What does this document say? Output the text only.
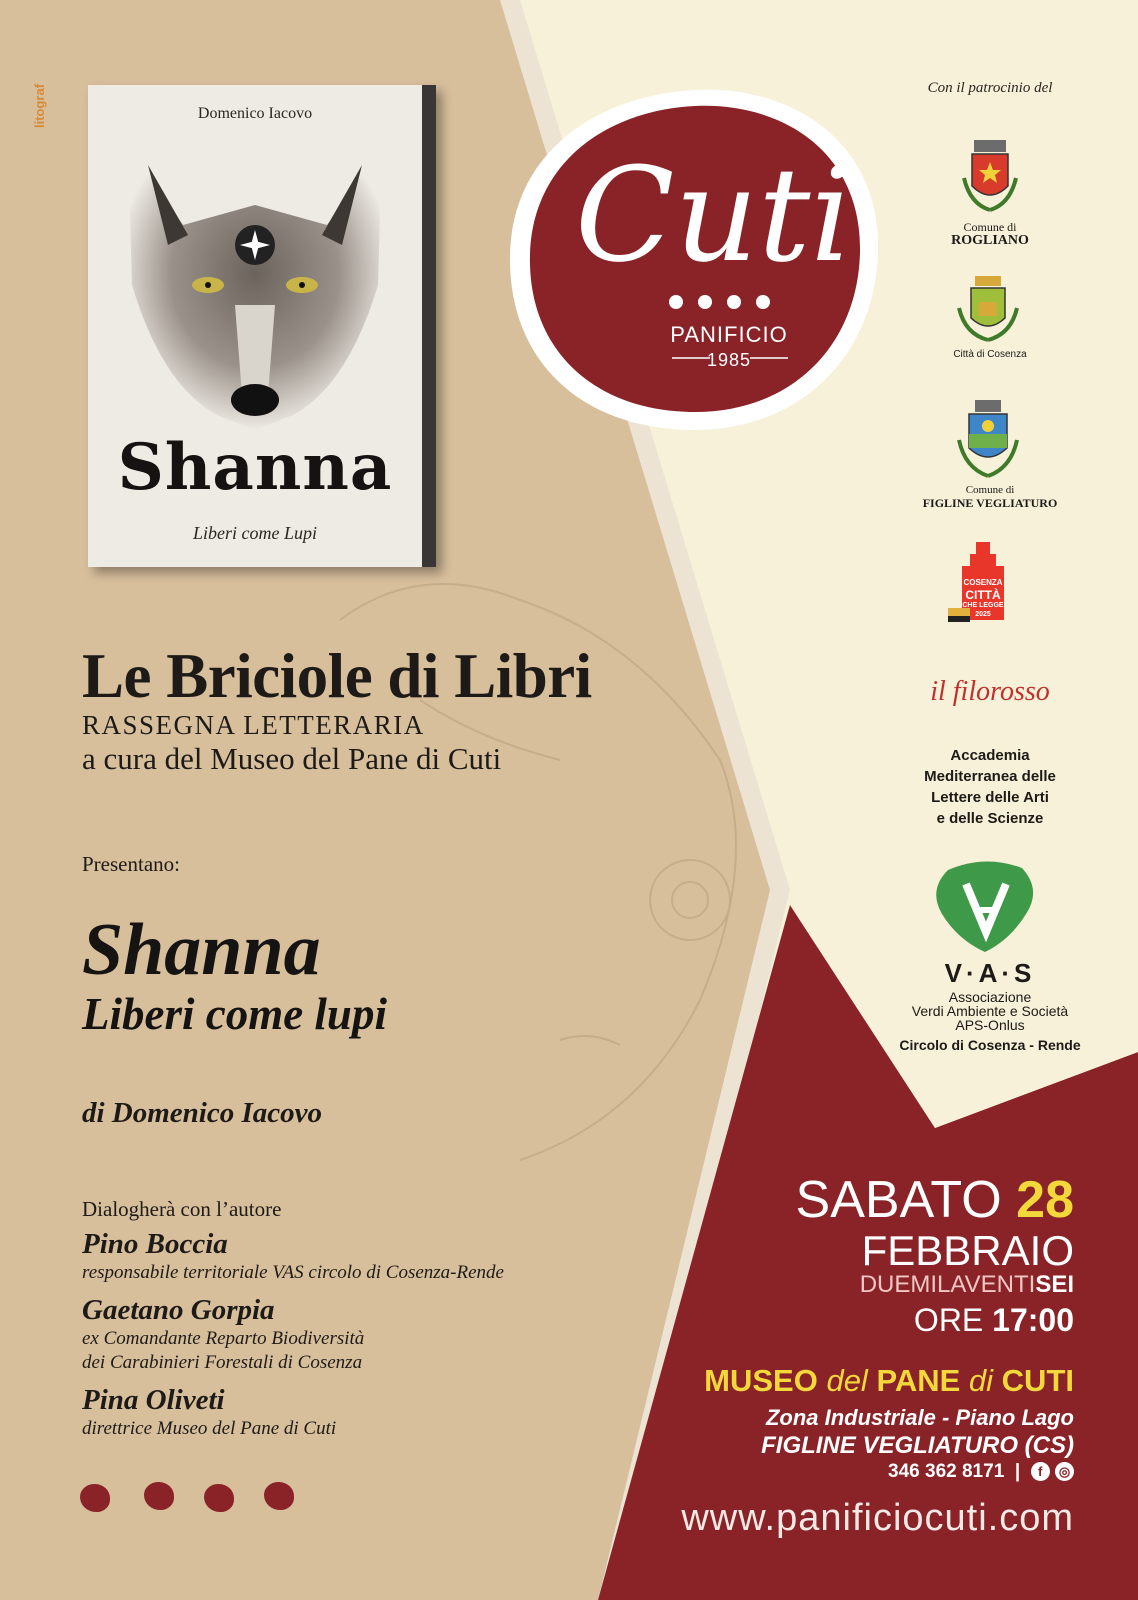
litograf	Domenico Iacovo
Shanna
Liberi come Lupi
Le Briciole di Libri
RASSEGNA LETTERARIA
a cura del Museo del Pane di Cuti
Presentano:
Shanna
Liberi come lupi
di Domenico Iacovo
Dialogherà con l’autore
Pino Boccia
responsabile territoriale VAS circolo di Cosenza-Rende
Gaetano Gorpia
ex Comandante Reparto Biodiversità
dei Carabinieri Forestali di Cosenza
Pina Oliveti
direttrice Museo del Pane di Cuti
Cuti
PANIFICIO
1985
Con il patrocinio del
Comune di
ROGLIANO
Città di Cosenza
Comune di
FIGLINE VEGLIATURO
COSENZA
CITTÀ
CHE LEGGE
2025
il filorosso
Accademia
Mediterranea delle
Lettere delle Arti
e delle Scienze
V·A·S
Associazione
Verdi Ambiente e Società
APS-Onlus
Circolo di Cosenza - Rende
SABATO 28
FEBBRAIO
DUEMILAVENTISEI
ORE 17:00
MUSEO del PANE di CUTI
Zona Industriale - Piano Lago
FIGLINE VEGLIATURO (CS)
346 362 8171 | f ◎
www.panificiocuti.com
